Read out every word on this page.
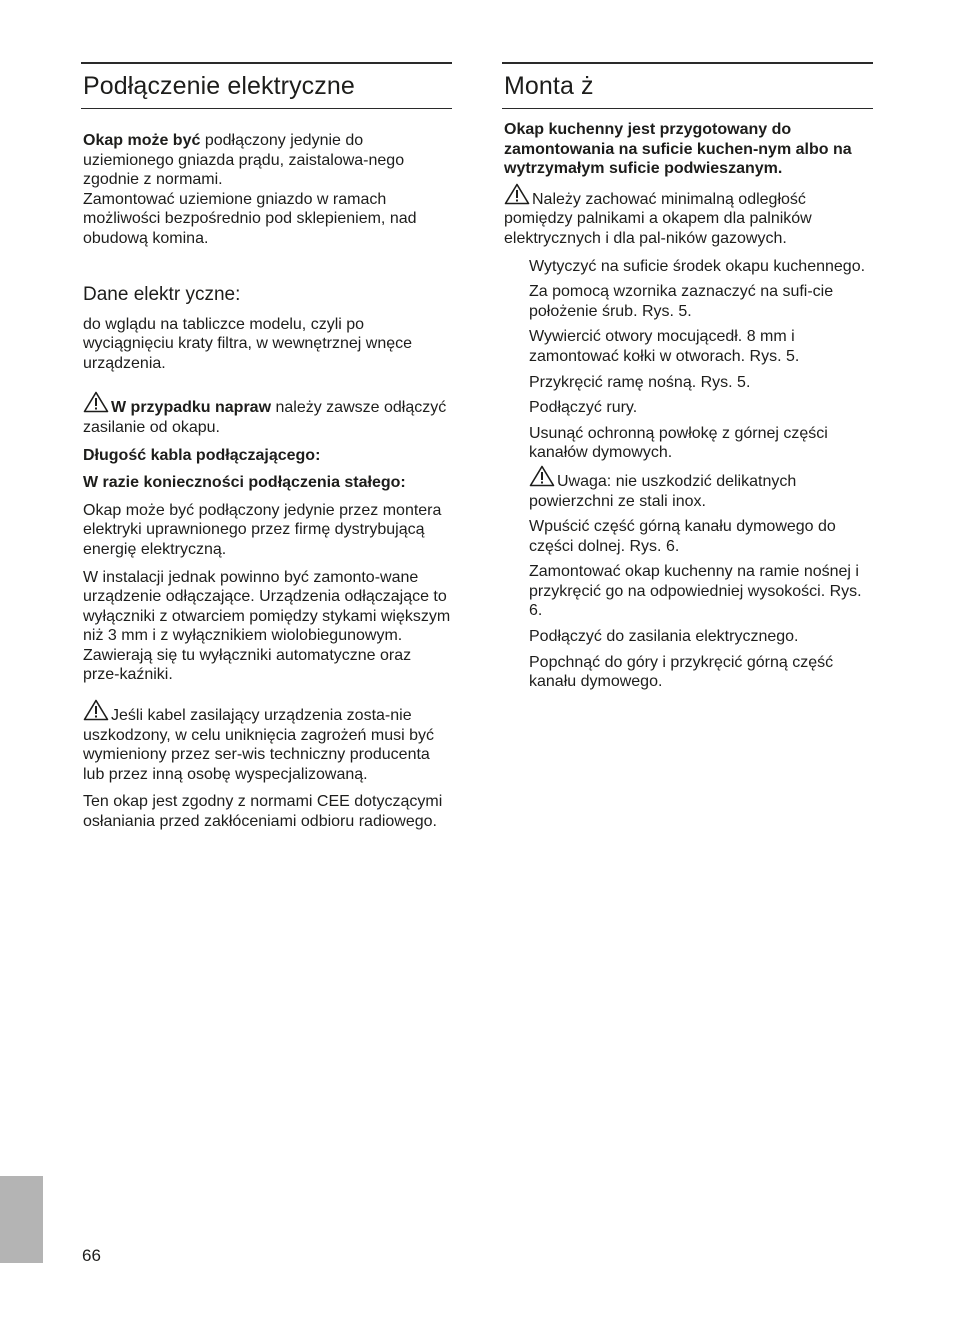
Podłączenie elektryczne

Okap może być podłączony jedynie do uziemionego gniazda prądu, zaistalowa-nego zgodnie z normami.
Zamontować uziemione gniazdo w ramach możliwości bezpośrednio pod sklepieniem, nad obudową komina.

Dane elektr yczne:

do wglądu na tabliczce modelu, czyli po wyciągnięciu kraty filtra, w wewnętrznej wnęce urządzenia.

W przypadku napraw należy zawsze odłączyć zasilanie od okapu.

Długość kabla podłączającego:

W razie konieczności podłączenia stałego:

Okap może być podłączony jedynie przez montera elektryki uprawnionego przez firmę dystrybującą energię elektryczną.

W instalacji jednak powinno być zamonto-wane urządzenie odłączające. Urządzenia odłączające to wyłączniki z otwarciem pomiędzy stykami większym niż 3 mm i z wyłącznikiem wiolobiegunowym. Zawierają się tu wyłączniki automatyczne oraz prze-kaźniki.

Jeśli kabel zasilający urządzenia zosta-nie uszkodzony, w celu uniknięcia zagrożeń musi być wymieniony przez ser-wis techniczny producenta lub przez inną osobę wyspecjalizowaną.

Ten okap jest zgodny z normami CEE dotyczącymi osłaniania przed zakłóceniami odbioru radiowego.

Monta ż

Okap kuchenny jest przygotowany do zamontowania na suficie kuchen-nym albo na wytrzymałym suficie podwieszanym.

Należy zachować minimalną odległość pomiędzy palnikami a okapem dla palników elektrycznych i dla pal-ników gazowych.

Wytyczyć na suficie środek okapu kuchennego.

Za pomocą wzornika zaznaczyć na sufi-cie położenie śrub. Rys. 5.

Wywiercić otwory mocującedł. 8 mm i zamontować kołki w otworach. Rys. 5.

Przykręcić ramę nośną. Rys. 5.

Podłączyć rury.

Usunąć ochronną powłokę z górnej części kanałów dymowych.

Uwaga: nie uszkodzić delikatnych powierzchni ze stali inox.

Wpuścić część górną kanału dymowego do części dolnej. Rys. 6.

Zamontować okap kuchenny na ramie nośnej i przykręcić go na odpowiedniej wysokości. Rys. 6.

Podłączyć do zasilania elektrycznego.

Popchnąć do góry i przykręcić górną część kanału dymowego.

66
